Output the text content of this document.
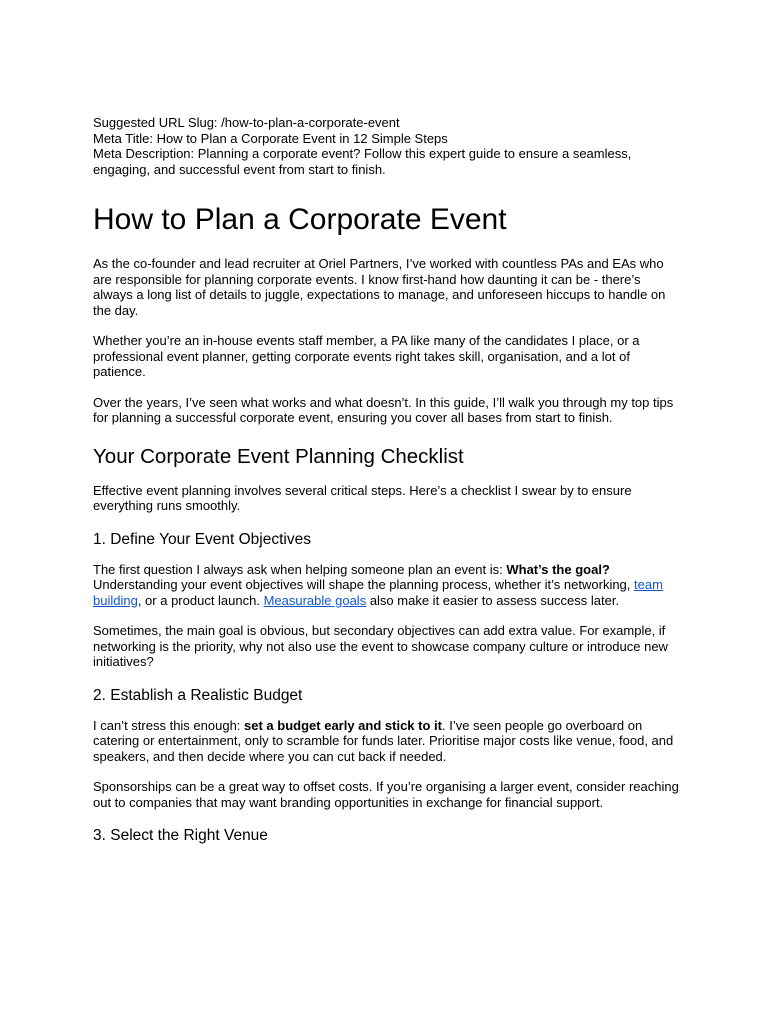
Suggested URL Slug: /how-to-plan-a-corporate-event

Meta Title: How to Plan a Corporate Event in 12 Simple Steps

Meta Description: Planning a corporate event? Follow this expert guide to ensure a seamless, engaging, and successful event from start to finish.

How to Plan a Corporate Event

As the co-founder and lead recruiter at Oriel Partners, I’ve worked with countless PAs and EAs who are responsible for planning corporate events. I know first-hand how daunting it can be - there’s always a long list of details to juggle, expectations to manage, and unforeseen hiccups to handle on the day.

Whether you’re an in-house events staff member, a PA like many of the candidates I place, or a professional event planner, getting corporate events right takes skill, organisation, and a lot of patience.

Over the years, I’ve seen what works and what doesn’t. In this guide, I’ll walk you through my top tips for planning a successful corporate event, ensuring you cover all bases from start to finish.

Your Corporate Event Planning Checklist

Effective event planning involves several critical steps. Here’s a checklist I swear by to ensure everything runs smoothly.

1. Define Your Event Objectives

The first question I always ask when helping someone plan an event is: What’s the goal? Understanding your event objectives will shape the planning process, whether it’s networking, team building, or a product launch. Measurable goals also make it easier to assess success later.

Sometimes, the main goal is obvious, but secondary objectives can add extra value. For example, if networking is the priority, why not also use the event to showcase company culture or introduce new initiatives?

2. Establish a Realistic Budget

I can’t stress this enough: set a budget early and stick to it. I’ve seen people go overboard on catering or entertainment, only to scramble for funds later. Prioritise major costs like venue, food, and speakers, and then decide where you can cut back if needed.

Sponsorships can be a great way to offset costs. If you’re organising a larger event, consider reaching out to companies that may want branding opportunities in exchange for financial support.

3. Select the Right Venue
